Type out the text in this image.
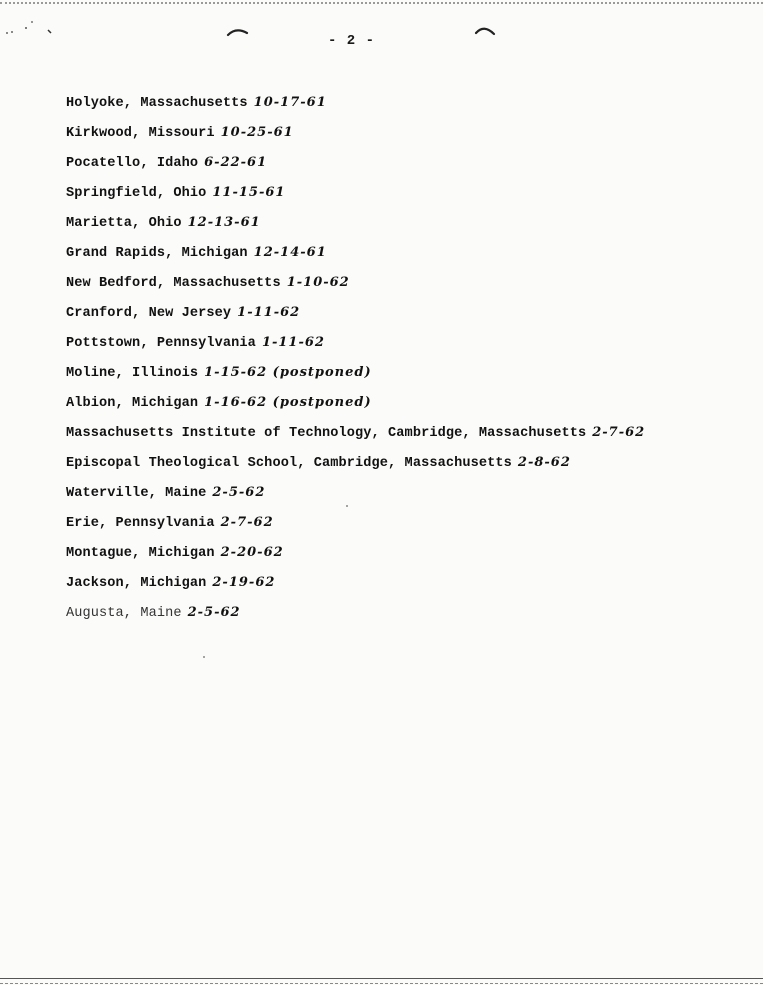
- 2 -
Holyoke, Massachusetts 10-17-61
Kirkwood, Missouri 10-25-61
Pocatello, Idaho 6-22-61
Springfield, Ohio 11-15-61
Marietta, Ohio 12-13-61
Grand Rapids, Michigan 12-14-61
New Bedford, Massachusetts 1-10-62
Cranford, New Jersey 1-11-62
Pottstown, Pennsylvania 1-11-62
Moline, Illinois 1-15-62 (postponed)
Albion, Michigan 1-16-62 (postponed)
Massachusetts Institute of Technology, Cambridge, Massachusetts 2-7-62
Episcopal Theological School, Cambridge, Massachusetts 2-8-62
Waterville, Maine 2-5-62
Erie, Pennsylvania 2-7-62
Montague, Michigan 2-20-62
Jackson, Michigan 2-19-62
Augusta, Maine 2-5-62
